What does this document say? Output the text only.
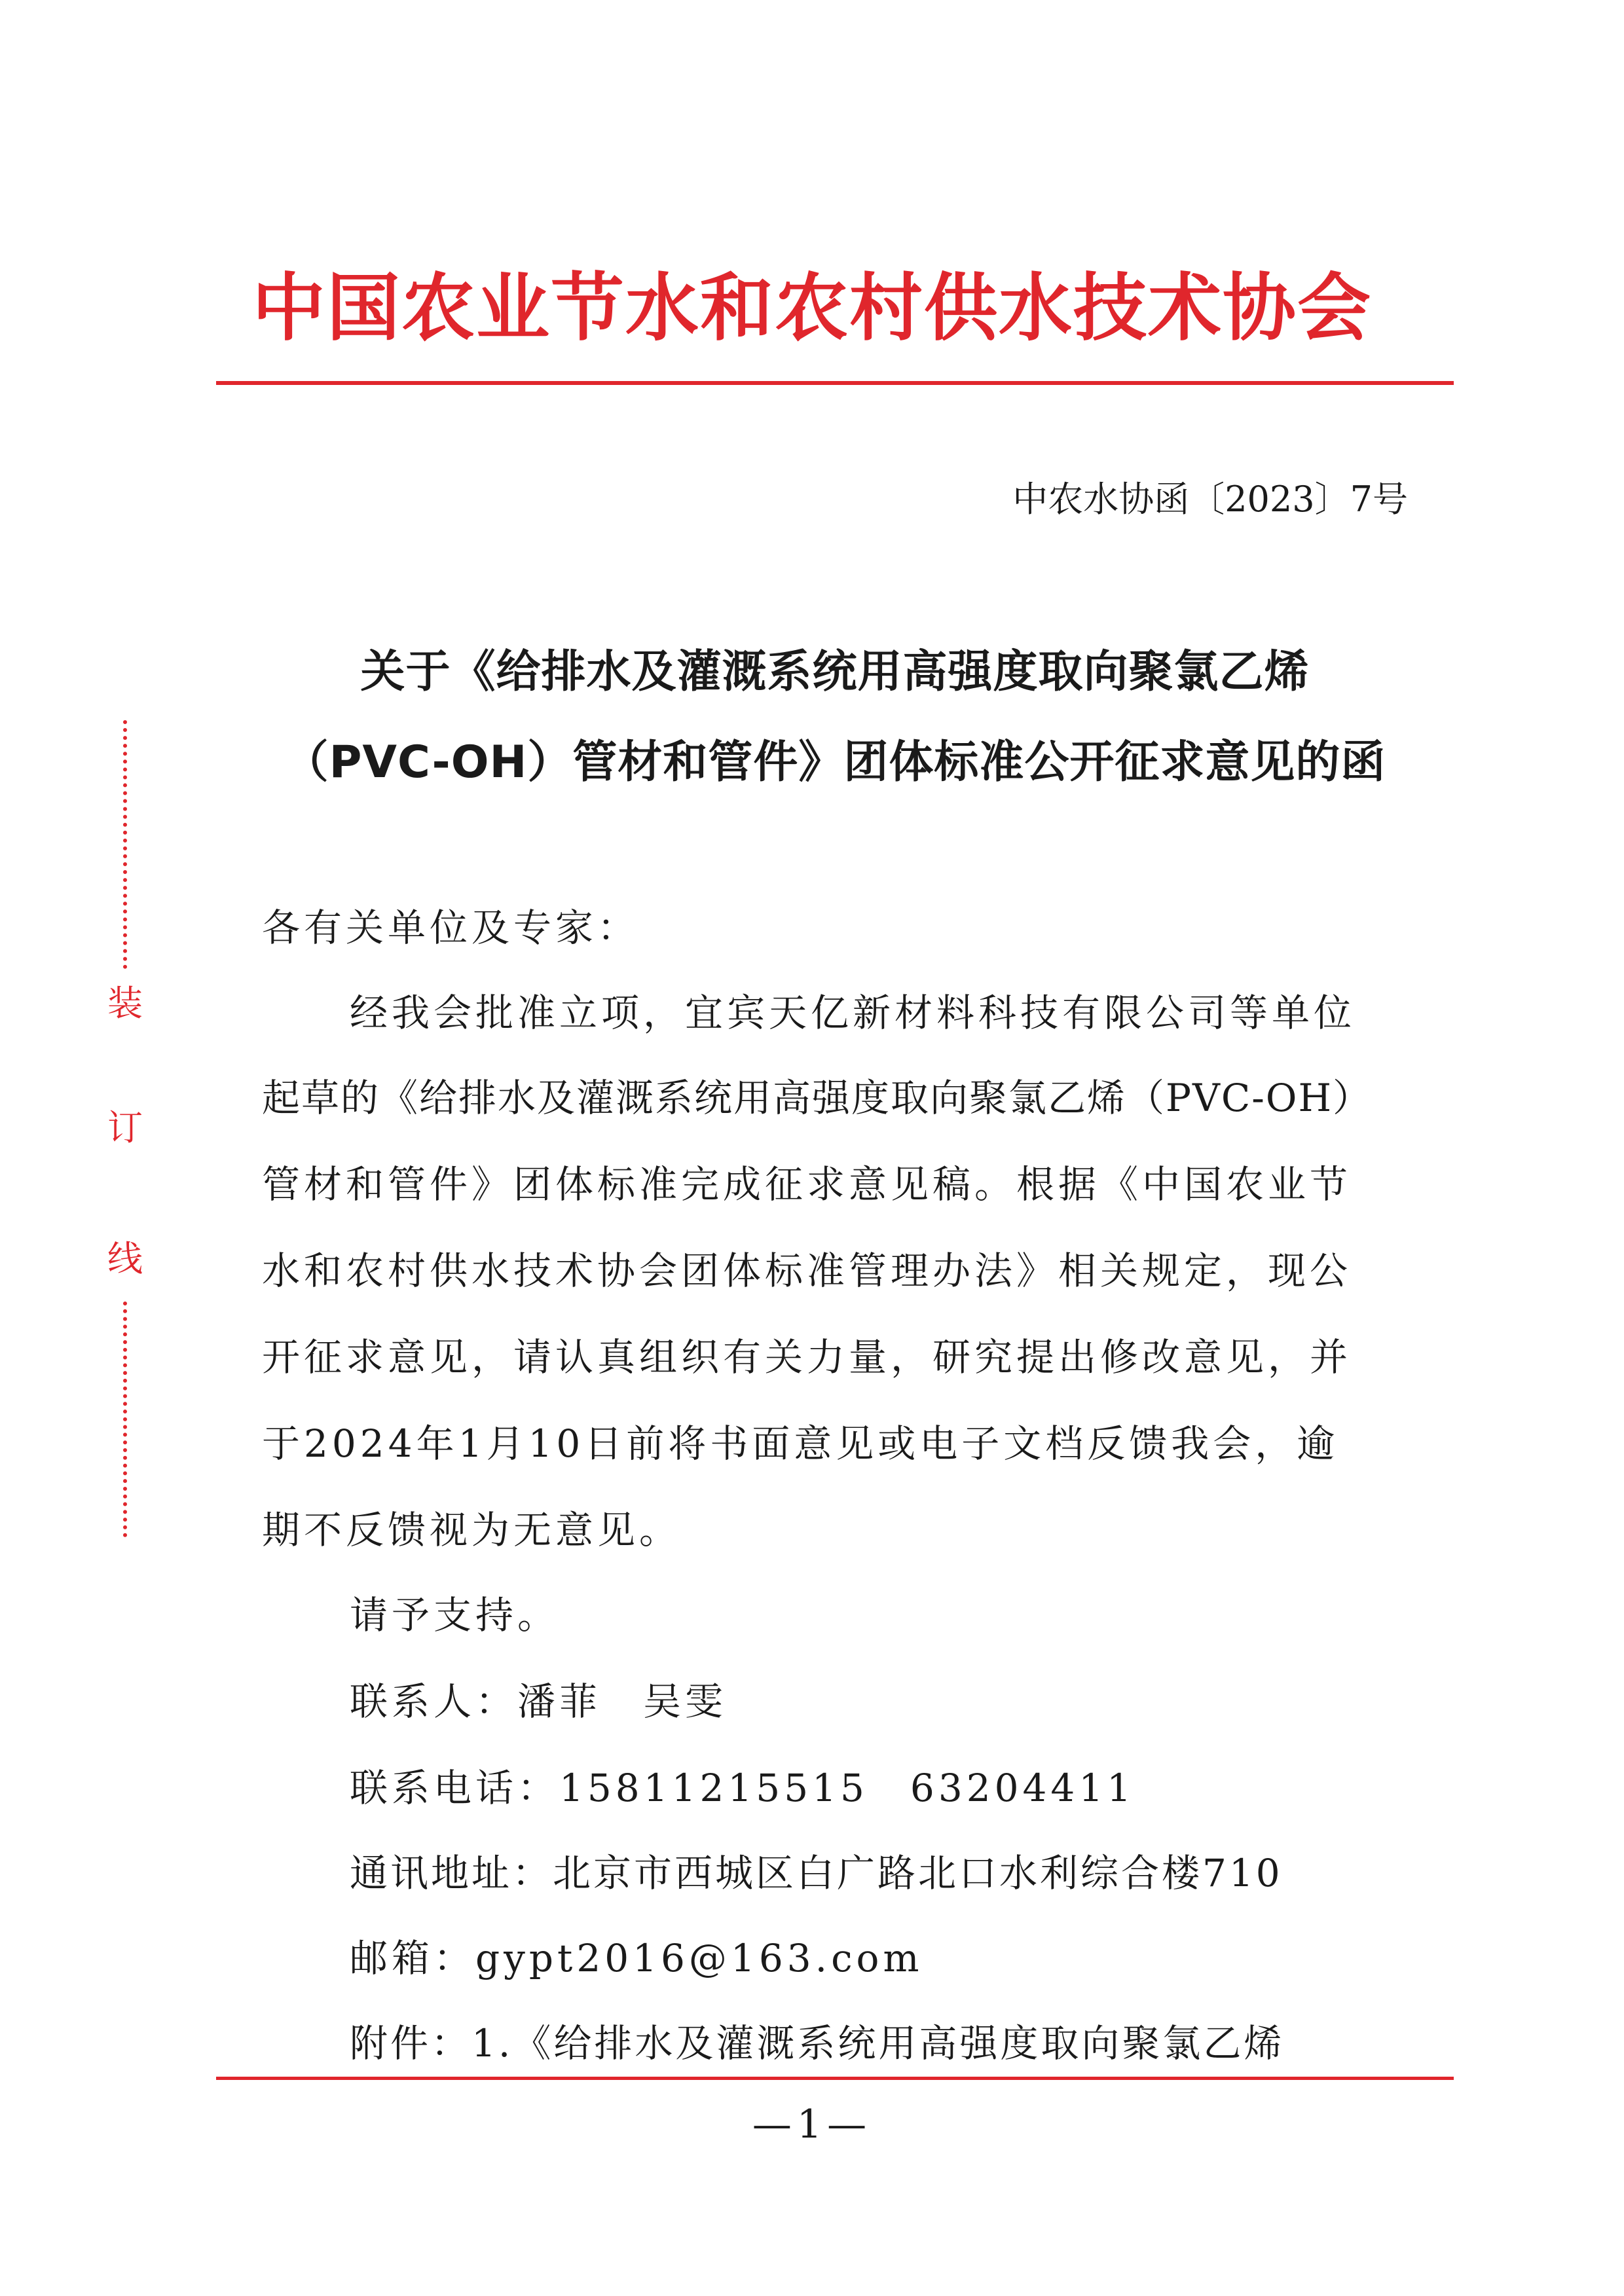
装
订
线
中国农业节水和农村供水技术协会
中农水协函〔2023〕7号
关于《给排水及灌溉系统用高强度取向聚氯乙烯
（PVC-OH）管材和管件》团体标准公开征求意见的函
各有关单位及专家：
经我会批准立项，宜宾天亿新材料科技有限公司等单位
起草的《给排水及灌溉系统用高强度取向聚氯乙烯（PVC-OH）
管材和管件》团体标准完成征求意见稿。根据《中国农业节
水和农村供水技术协会团体标准管理办法》相关规定，现公
开征求意见，请认真组织有关力量，研究提出修改意见，并
于2024年1月10日前将书面意见或电子文档反馈我会，逾
期不反馈视为无意见。
请予支持。
联系人：潘菲　吴雯
联系电话：15811215515　63204411
通讯地址：北京市西城区白广路北口水利综合楼710
邮箱：gypt2016@163.com
附件：1.《给排水及灌溉系统用高强度取向聚氯乙烯
—1—
